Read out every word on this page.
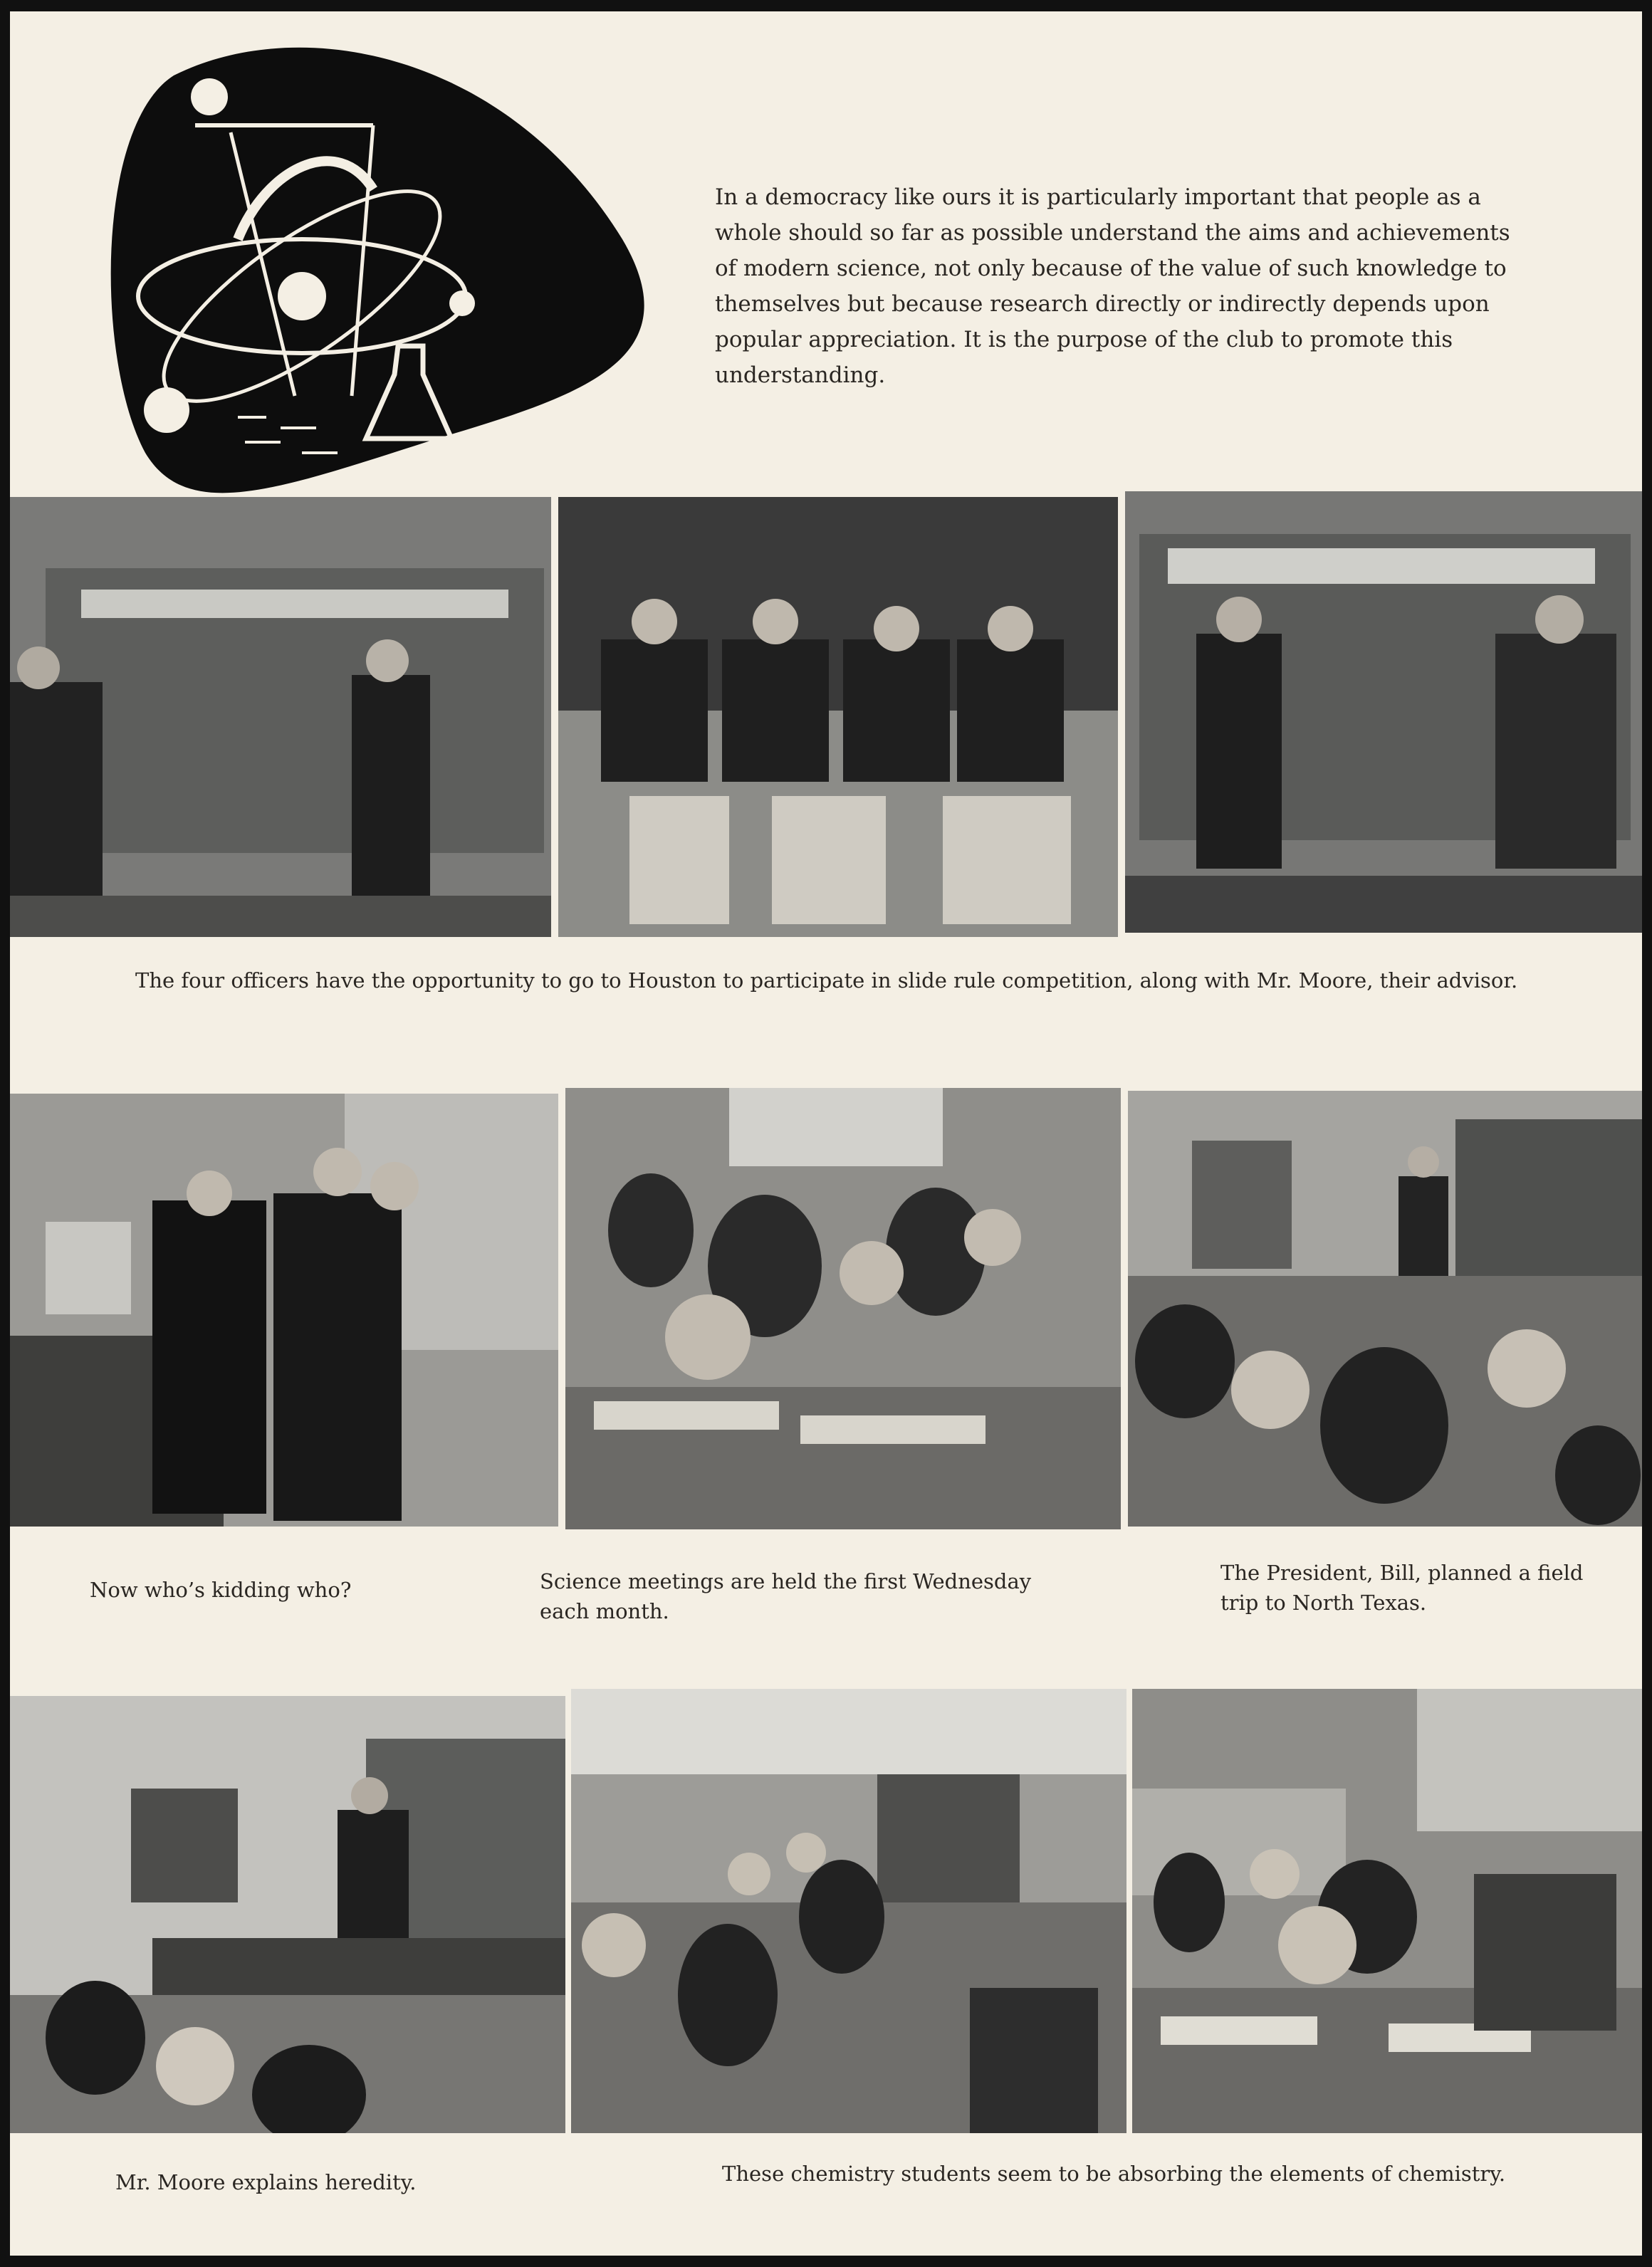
In a democracy like ours it is particularly important that people as a whole should so far as possible understand the aims and achievements of modern science, not only because of the value of such knowledge to themselves but because research directly or indirectly depends upon popular appreciation. It is the purpose of the club to promote this understanding.
The four officers have the opportunity to go to Houston to participate in slide rule competition, along with Mr. Moore, their advisor.
Now who’s kidding who?	Science meetings are held the first Wednesday each month.
The President, Bill, planned a field trip to North Texas.
Mr. Moore explains heredity.	These chemistry students seem to be absorbing the elements of chemistry.
